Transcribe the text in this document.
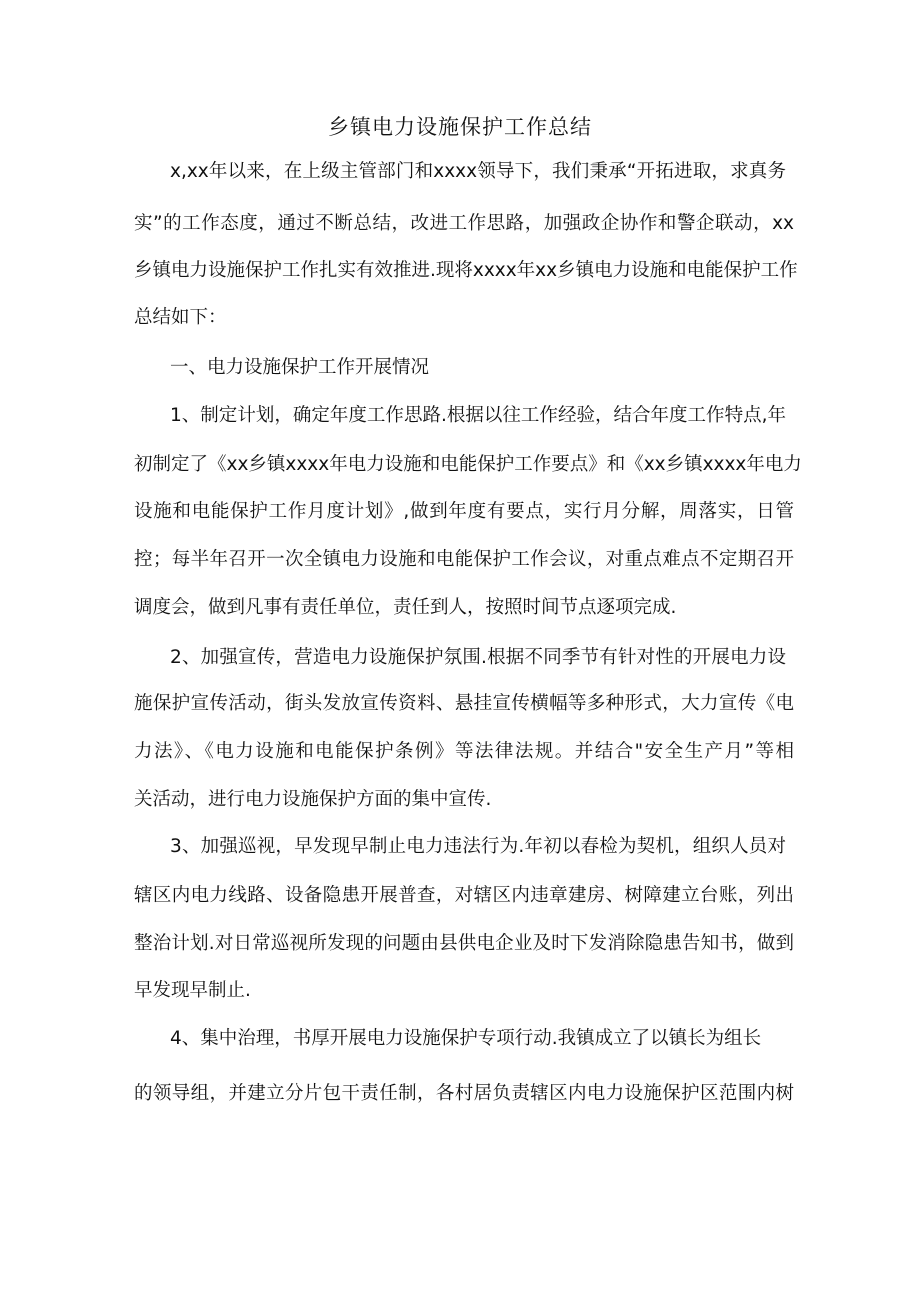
乡镇电力设施保护工作总结

x,xx年以来，在上级主管部门和xxxx领导下，我们秉承“开拓进取，求真务

实”的工作态度，通过不断总结，改进工作思路，加强政企协作和警企联动，xx

乡镇电力设施保护工作扎实有效推进.现将xxxx年xx乡镇电力设施和电能保护工作

总结如下：

一、电力设施保护工作开展情况

1、制定计划，确定年度工作思路.根据以往工作经验，结合年度工作特点,年

初制定了《xx乡镇xxxx年电力设施和电能保护工作要点》和《xx乡镇xxxx年电力

设施和电能保护工作月度计划》,做到年度有要点，实行月分解，周落实，日管

控；每半年召开一次全镇电力设施和电能保护工作会议，对重点难点不定期召开

调度会，做到凡事有责任单位，责任到人，按照时间节点逐项完成.

2、加强宣传，营造电力设施保护氛围.根据不同季节有针对性的开展电力设

施保护宣传活动，街头发放宣传资料、悬挂宣传横幅等多种形式，大力宣传《电

力法》、《电力设施和电能保护条例》等法律法规。并结合"安全生产月”等相

关活动，进行电力设施保护方面的集中宣传.

3、加强巡视，早发现早制止电力违法行为.年初以春检为契机，组织人员对

辖区内电力线路、设备隐患开展普查，对辖区内违章建房、树障建立台账，列出

整治计划.对日常巡视所发现的问题由县供电企业及时下发消除隐患告知书，做到

早发现早制止.

4、集中治理，书厚开展电力设施保护专项行动.我镇成立了以镇长为组长

的领导组，并建立分片包干责任制，各村居负责辖区内电力设施保护区范围内树
